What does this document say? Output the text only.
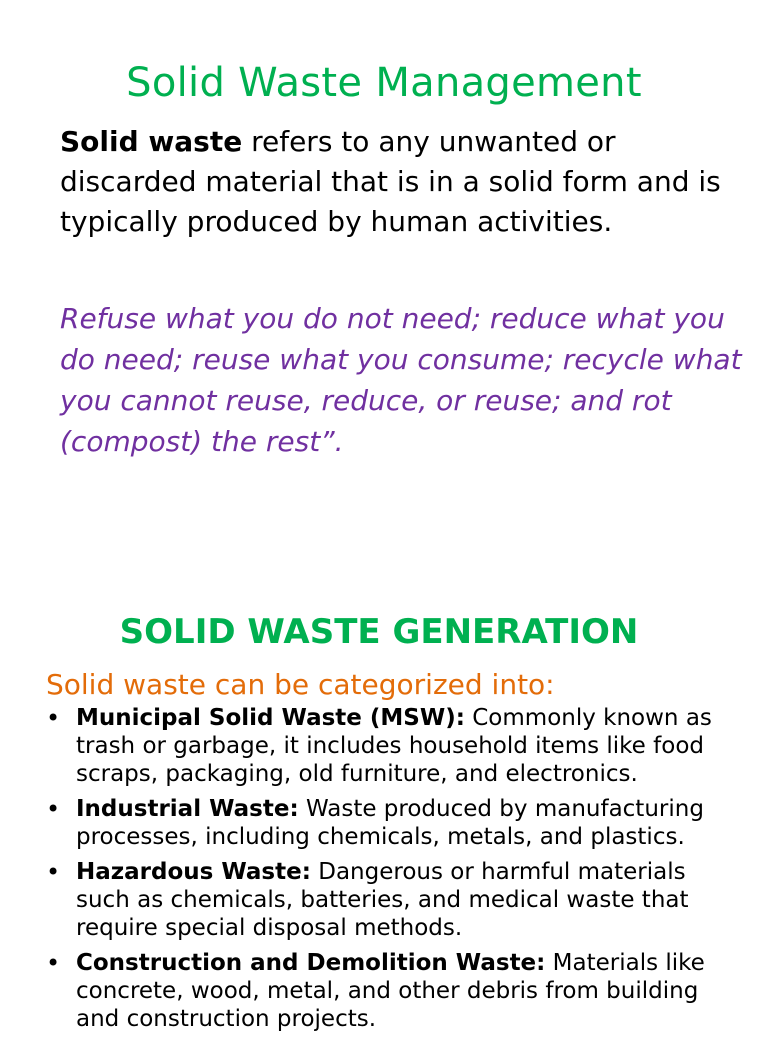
Solid Waste Management

Solid waste refers to any unwanted or discarded material that is in a solid form and is typically produced by human activities.

Refuse what you do not need; reduce what you do need; reuse what you consume; recycle what you cannot reuse, reduce, or reuse; and rot (compost) the rest”.

SOLID WASTE GENERATION

Solid waste can be categorized into:

• Municipal Solid Waste (MSW): Commonly known as trash or garbage, it includes household items like food scraps, packaging, old furniture, and electronics.
• Industrial Waste: Waste produced by manufacturing processes, including chemicals, metals, and plastics.
• Hazardous Waste: Dangerous or harmful materials such as chemicals, batteries, and medical waste that require special disposal methods.
• Construction and Demolition Waste: Materials like concrete, wood, metal, and other debris from building and construction projects.
